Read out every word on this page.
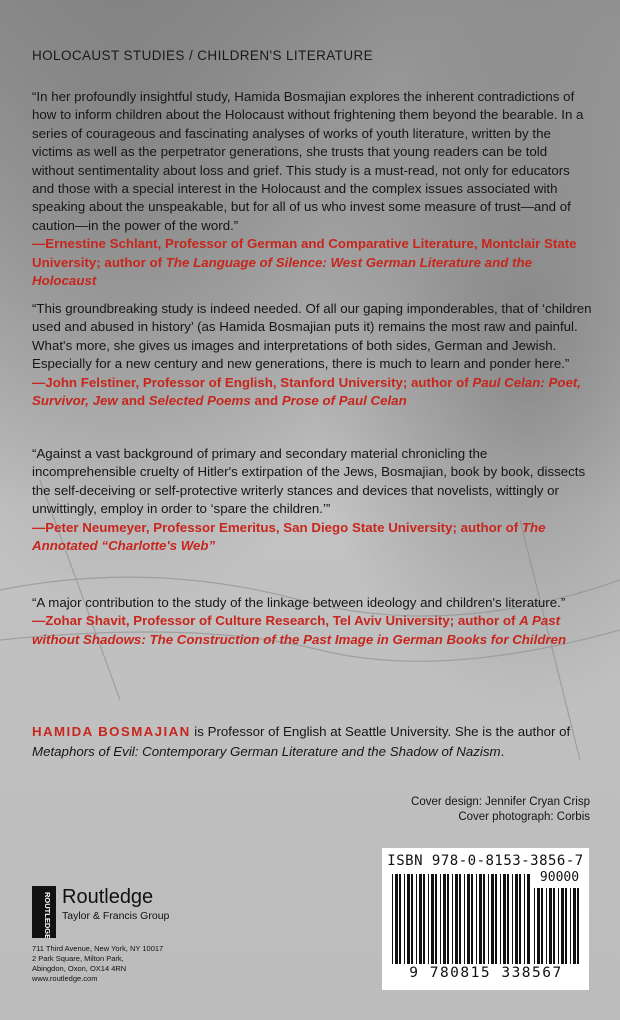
HOLOCAUST STUDIES / CHILDREN'S LITERATURE

“In her profoundly insightful study, Hamida Bosmajian explores the inherent contradictions of how to inform children about the Holocaust without frightening them beyond the bearable. In a series of courageous and fascinating analyses of works of youth literature, written by the victims as well as the perpetrator generations, she trusts that young readers can be told without sentimentality about loss and grief. This study is a must-read, not only for educators and those with a special interest in the Holocaust and the complex issues associated with speaking about the unspeakable, but for all of us who invest some measure of trust—and of caution—in the power of the word.”

—Ernestine Schlant, Professor of German and Comparative Literature, Montclair State University; author of The Language of Silence: West German Literature and the Holocaust

“This groundbreaking study is indeed needed. Of all our gaping imponderables, that of ‘children used and abused in history’ (as Hamida Bosmajian puts it) remains the most raw and painful. What's more, she gives us images and interpretations of both sides, German and Jewish. Especially for a new century and new generations, there is much to learn and ponder here.”

—John Felstiner, Professor of English, Stanford University; author of Paul Celan: Poet, Survivor, Jew and Selected Poems and Prose of Paul Celan

“Against a vast background of primary and secondary material chronicling the incomprehensible cruelty of Hitler's extirpation of the Jews, Bosmajian, book by book, dissects the self-deceiving or self-protective writerly stances and devices that novelists, wittingly or unwittingly, employ in order to ‘spare the children.’”

—Peter Neumeyer, Professor Emeritus, San Diego State University; author of The Annotated “Charlotte's Web”

“A major contribution to the study of the linkage between ideology and children's literature.”

—Zohar Shavit, Professor of Culture Research, Tel Aviv University; author of A Past without Shadows: The Construction of the Past Image in German Books for Children

HAMIDA BOSMAJIAN is Professor of English at Seattle University. She is the author of Metaphors of Evil: Contemporary German Literature and the Shadow of Nazism.
Cover design: Jennifer Cryan Crisp
Cover photograph: Corbis
ISBN 978-0-8153-3856-7
90000
9 780815 338567
ROUTLEDGE Routledge
Taylor & Francis Group
711 Third Avenue, New York, NY 10017
2 Park Square, Milton Park,
Abingdon, Oxon, OX14 4RN
www.routledge.com
